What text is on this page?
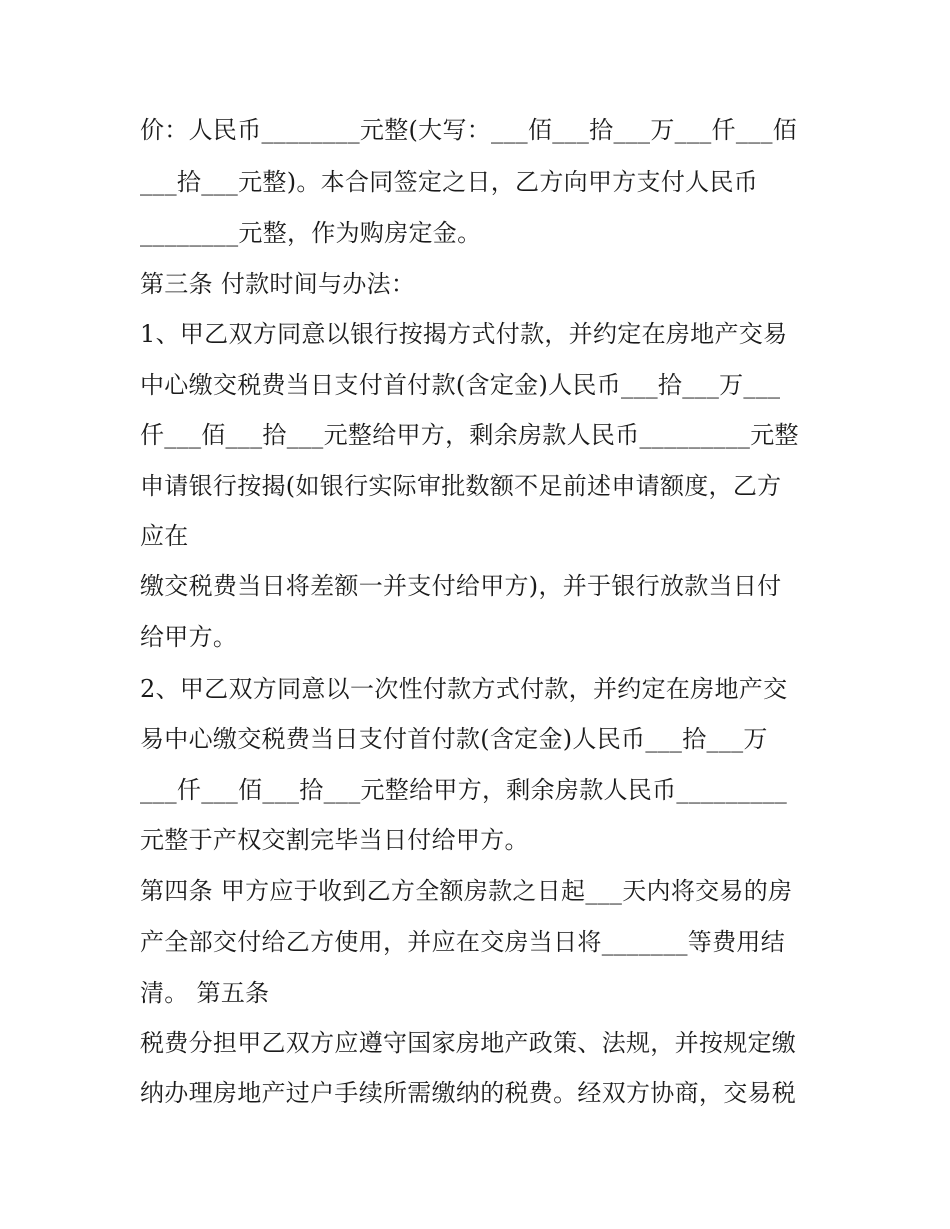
价：人民币________元整(大写：___佰___拾___万___仟___佰

___拾___元整)。本合同签定之日，乙方向甲方支付人民币

________元整，作为购房定金。

第三条 付款时间与办法：

1、甲乙双方同意以银行按揭方式付款，并约定在房地产交易

中心缴交税费当日支付首付款(含定金)人民币___拾___万___

仟___佰___拾___元整给甲方，剩余房款人民币_________元整

申请银行按揭(如银行实际审批数额不足前述申请额度，乙方

应在

缴交税费当日将差额一并支付给甲方)，并于银行放款当日付

给甲方。

2、甲乙双方同意以一次性付款方式付款，并约定在房地产交

易中心缴交税费当日支付首付款(含定金)人民币___拾___万

___仟___佰___拾___元整给甲方，剩余房款人民币_________

元整于产权交割完毕当日付给甲方。

第四条 甲方应于收到乙方全额房款之日起___天内将交易的房

产全部交付给乙方使用，并应在交房当日将_______等费用结

清。 第五条

税费分担甲乙双方应遵守国家房地产政策、法规，并按规定缴

纳办理房地产过户手续所需缴纳的税费。经双方协商，交易税
